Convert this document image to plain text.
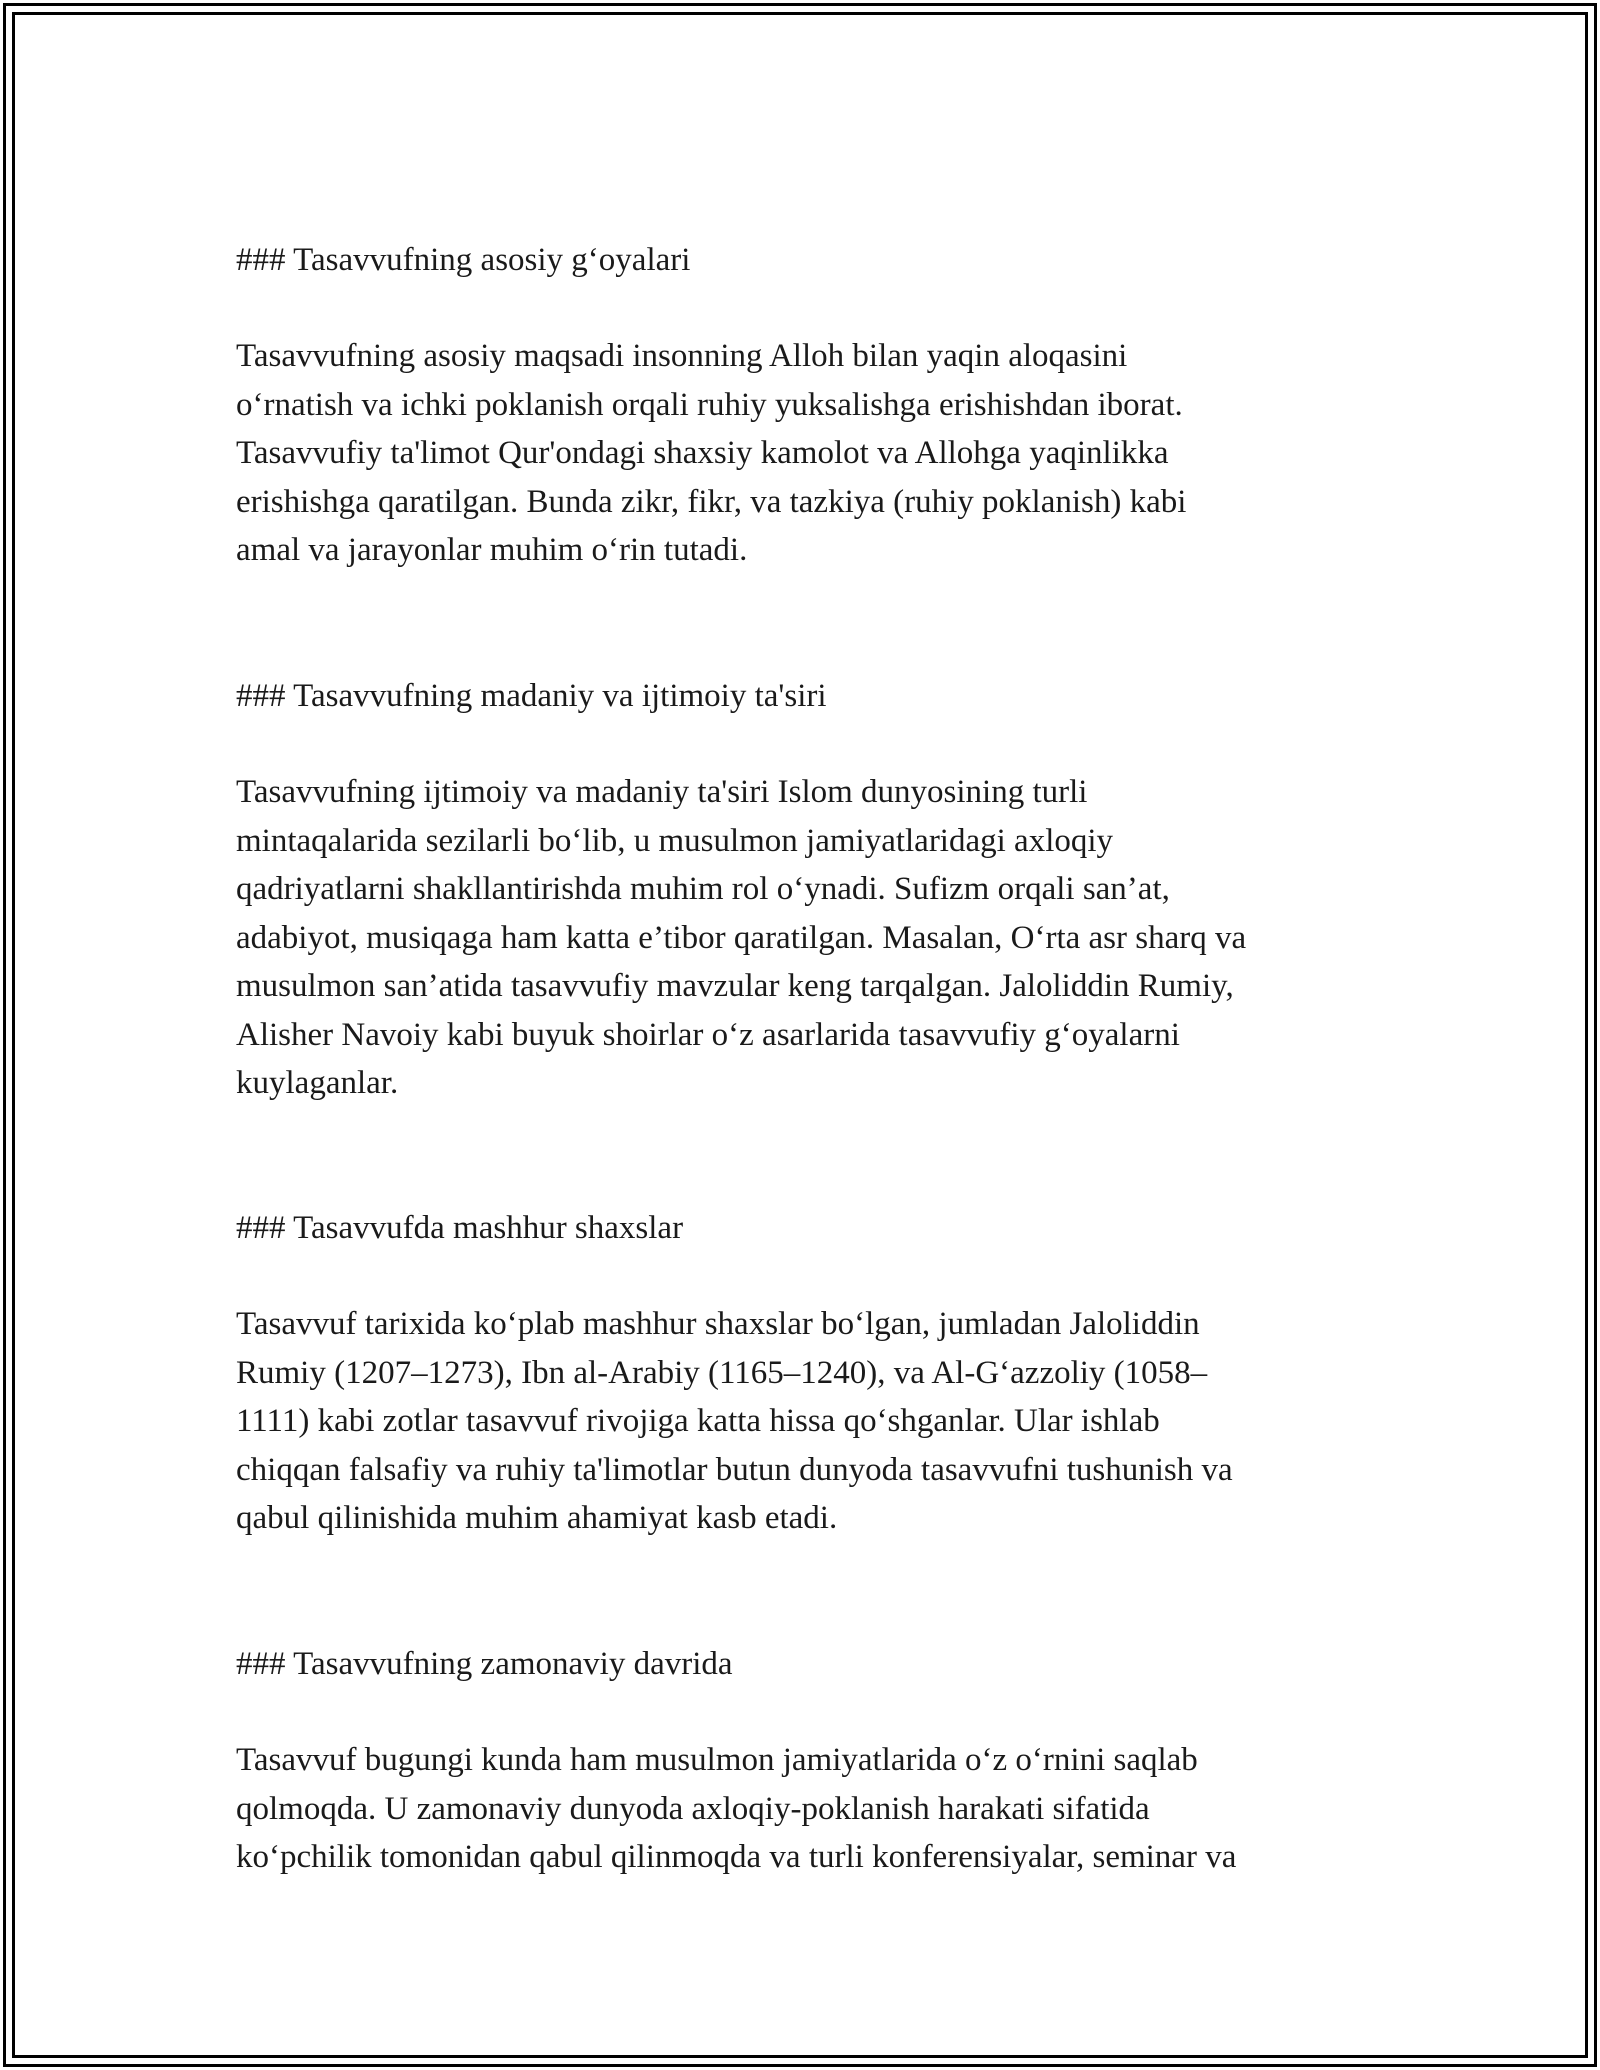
### Tasavvufning asosiy g‘oyalari

Tasavvufning asosiy maqsadi insonning Alloh bilan yaqin aloqasini

o‘rnatish va ichki poklanish orqali ruhiy yuksalishga erishishdan iborat.

Tasavvufiy ta'limot Qur'ondagi shaxsiy kamolot va Allohga yaqinlikka

erishishga qaratilgan. Bunda zikr, fikr, va tazkiya (ruhiy poklanish) kabi

amal va jarayonlar muhim o‘rin tutadi.

### Tasavvufning madaniy va ijtimoiy ta'siri

Tasavvufning ijtimoiy va madaniy ta'siri Islom dunyosining turli

mintaqalarida sezilarli bo‘lib, u musulmon jamiyatlaridagi axloqiy

qadriyatlarni shakllantirishda muhim rol o‘ynadi. Sufizm orqali san’at,

adabiyot, musiqaga ham katta e’tibor qaratilgan. Masalan, O‘rta asr sharq va

musulmon san’atida tasavvufiy mavzular keng tarqalgan. Jaloliddin Rumiy,

Alisher Navoiy kabi buyuk shoirlar o‘z asarlarida tasavvufiy g‘oyalarni

kuylaganlar.

### Tasavvufda mashhur shaxslar

Tasavvuf tarixida ko‘plab mashhur shaxslar bo‘lgan, jumladan Jaloliddin

Rumiy (1207–1273), Ibn al-Arabiy (1165–1240), va Al-G‘azzoliy (1058–

1111) kabi zotlar tasavvuf rivojiga katta hissa qo‘shganlar. Ular ishlab

chiqqan falsafiy va ruhiy ta'limotlar butun dunyoda tasavvufni tushunish va

qabul qilinishida muhim ahamiyat kasb etadi.

### Tasavvufning zamonaviy davrida

Tasavvuf bugungi kunda ham musulmon jamiyatlarida o‘z o‘rnini saqlab

qolmoqda. U zamonaviy dunyoda axloqiy-poklanish harakati sifatida

ko‘pchilik tomonidan qabul qilinmoqda va turli konferensiyalar, seminar va
